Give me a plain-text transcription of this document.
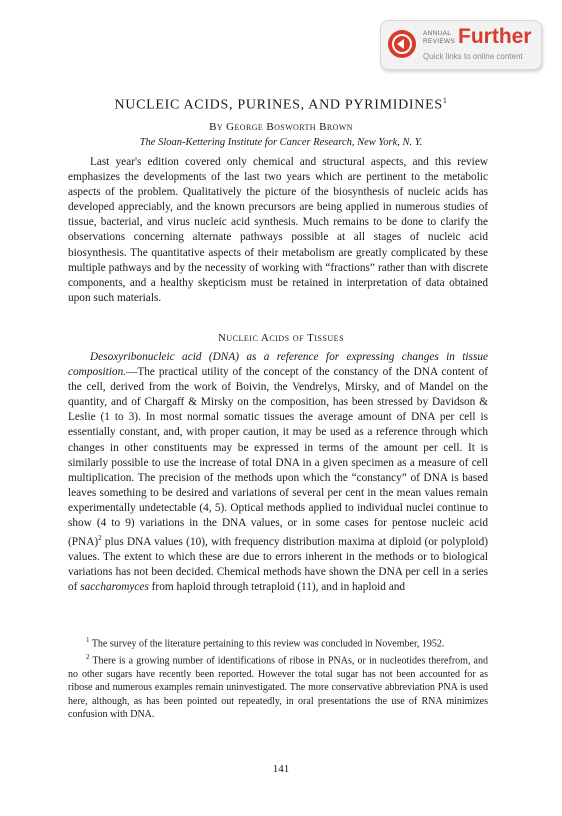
ANNUAL
REVIEWS Further
Quick links to online content
NUCLEIC ACIDS, PURINES, AND PYRIMIDINES$^1$
By George Bosworth Brown
The Sloan-Kettering Institute for Cancer Research, New York, N. Y.

Last year's edition covered only chemical and structural aspects, and this review emphasizes the developments of the last two years which are pertinent to the metabolic aspects of the problem. Qualitatively the picture of the biosynthesis of nucleic acids has developed appreciably, and the known precursors are being applied in numerous studies of tissue, bacterial, and virus nucleic acid synthesis. Much remains to be done to clarify the observations concerning alternate pathways possible at all stages of nucleic acid biosynthesis. The quantitative aspects of their metabolism are greatly complicated by these multiple pathways and by the necessity of working with “fractions” rather than with discrete components, and a healthy skepticism must be retained in interpretation of data obtained upon such materials.

Nucleic Acids of Tissues

Desoxyribonucleic acid (DNA) as a reference for expressing changes in tissue composition.—The practical utility of the concept of the constancy of the DNA content of the cell, derived from the work of Boivin, the Vendrelys, Mirsky, and of Mandel on the quantity, and of Chargaff & Mirsky on the composition, has been stressed by Davidson & Leslie (1 to 3). In most normal somatic tissues the average amount of DNA per cell is essentially constant, and, with proper caution, it may be used as a reference through which changes in other constituents may be expressed in terms of the amount per cell. It is similarly possible to use the increase of total DNA in a given specimen as a measure of cell multiplication. The precision of the methods upon which the “constancy” of DNA is based leaves something to be desired and variations of several per cent in the mean values remain experimentally undetectable (4, 5). Optical methods applied to individual nuclei continue to show (4 to 9) variations in the DNA values, or in some cases for pentose nucleic acid (PNA)$^2$ plus DNA values (10), with frequency distribution maxima at diploid (or polyploid) values. The extent to which these are due to errors inherent in the methods or to biological variations has not been decided. Chemical methods have shown the DNA per cell in a series of saccharomyces from haploid through tetraploid (11), and in haploid and

$^1$ The survey of the literature pertaining to this review was concluded in November, 1952.

$^2$ There is a growing number of identifications of ribose in PNAs, or in nucleotides therefrom, and no other sugars have recently been reported. However the total sugar has not been accounted for as ribose and numerous examples remain uninvestigated. The more conservative abbreviation PNA is used here, although, as has been pointed out repeatedly, in oral presentations the use of RNA minimizes confusion with DNA.

141
